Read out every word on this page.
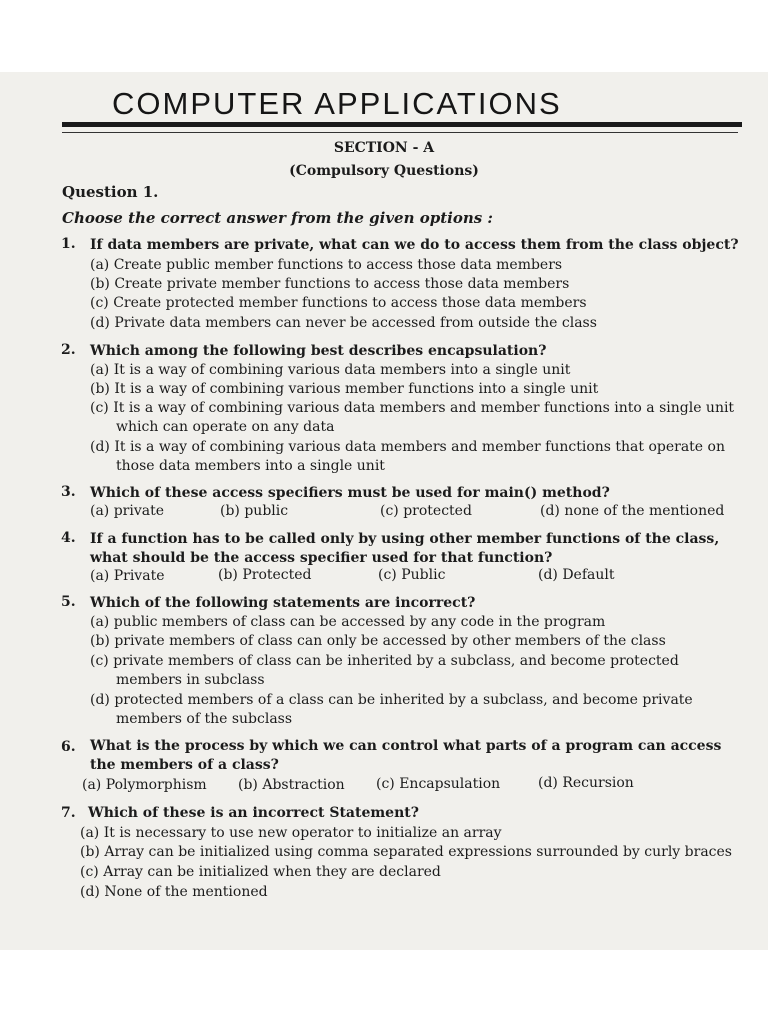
COMPUTER APPLICATIONS
SECTION - A
(Compulsory Questions)
Question 1.
Choose the correct answer from the given options :
1. If data members are private, what can we do to access them from the class object?
(a) Create public member functions to access those data members
(b) Create private member functions to access those data members
(c) Create protected member functions to access those data members
(d) Private data members can never be accessed from outside the class
2. Which among the following best describes encapsulation?
(a) It is a way of combining various data members into a single unit
(b) It is a way of combining various member functions into a single unit
(c) It is a way of combining various data members and member functions into a single unit which can operate on any data
(d) It is a way of combining various data members and member functions that operate on those data members into a single unit
3. Which of these access specifiers must be used for main() method?
(a) private	(b) public	(c) protected	(d) none of the mentioned
4. If a function has to be called only by using other member functions of the class, what should be the access specifier used for that function?
(a) Private	(b) Protected	(c) Public	(d) Default
5. Which of the following statements are incorrect?
(a) public members of class can be accessed by any code in the program
(b) private members of class can only be accessed by other members of the class
(c) private members of class can be inherited by a subclass, and become protected members in subclass
(d) protected members of a class can be inherited by a subclass, and become private members of the subclass
6. What is the process by which we can control what parts of a program can access the members of a class?
(a) Polymorphism (b) Abstraction (c) Encapsulation	(d) Recursion
7. Which of these is an incorrect Statement?
(a) It is necessary to use new operator to initialize an array
(b) Array can be initialized using comma separated expressions surrounded by curly braces
(c) Array can be initialized when they are declared
(d) None of the mentioned
